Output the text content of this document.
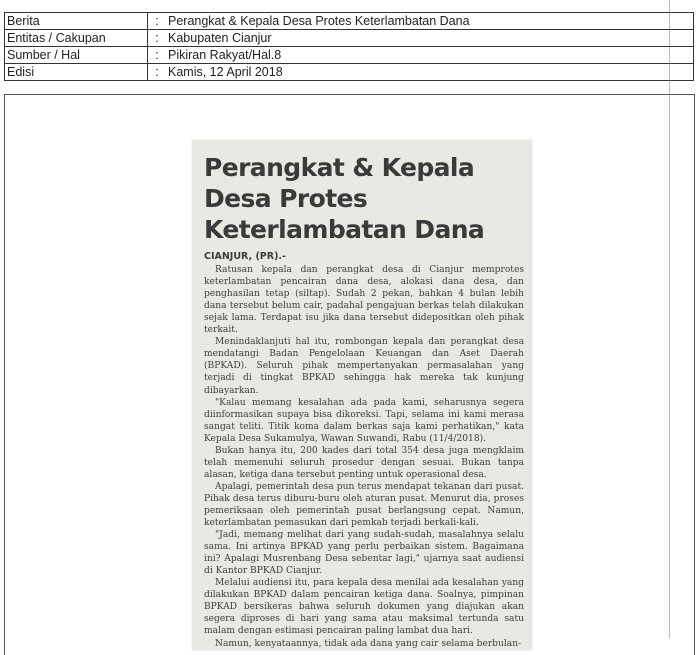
Berita	:	Perangkat & Kepala Desa Protes Keterlambatan Dana
Entitas / Cakupan	:	Kabupaten Cianjur
Sumber / Hal	:	Pikiran Rakyat/Hal.8
Edisi	:	Kamis, 12 April 2018
Perangkat & Kepala Desa Protes Keterlambatan Dana
CIANJUR, (PR).-

Ratusan kepala dan perangkat desa di Cianjur memprotes keterlambatan pencairan dana desa, alokasi dana desa, dan penghasilan tetap (siltap). Sudah 2 pekan, bahkan 4 bulan lebih dana tersebut belum cair, padahal pengajuan berkas telah dilakukan sejak lama. Terdapat isu jika dana tersebut didepositkan oleh pihak terkait.

Menindaklanjuti hal itu, rombongan kepala dan perangkat desa mendatangi Badan Pengelolaan Keuangan dan Aset Daerah (BPKAD). Seluruh pihak mempertanyakan permasalahan yang terjadi di tingkat BPKAD sehingga hak mereka tak kunjung dibayarkan.

"Kalau memang kesalahan ada pada kami, seharusnya segera diinformasikan supaya bisa dikoreksi. Tapi, selama ini kami merasa sangat teliti. Titik koma dalam berkas saja kami perhatikan," kata Kepala Desa Sukamulya, Wawan Suwandi, Rabu (11/4/2018).

Bukan hanya itu, 200 kades dari total 354 desa juga mengklaim telah memenuhi seluruh prosedur dengan sesuai. Bukan tanpa alasan, ketiga dana tersebut penting untuk operasional desa.

Apalagi, pemerintah desa pun terus mendapat tekanan dari pusat. Pihak desa terus diburu-buru oleh aturan pusat. Menurut dia, proses pemeriksaan oleh pemerintah pusat berlangsung cepat. Namun, keterlambatan pemasukan dari pemkab terjadi berkali-kali.

"Jadi, memang melihat dari yang sudah-sudah, masalahnya selalu sama. Ini artinya BPKAD yang perlu perbaikan sistem. Bagaimana ini? Apalagi Musrenbang Desa sebentar lagi," ujarnya saat audiensi di Kantor BPKAD Cianjur.

Melalui audiensi itu, para kepala desa menilai ada kesalahan yang dilakukan BPKAD dalam pencairan ketiga dana. Soalnya, pimpinan BPKAD bersikeras bahwa seluruh dokumen yang diajukan akan segera diproses di hari yang sama atau maksimal tertunda satu malam dengan estimasi pencairan paling lambat dua hari.

Namun, kenyataannya, tidak ada dana yang cair selama berbulan-
